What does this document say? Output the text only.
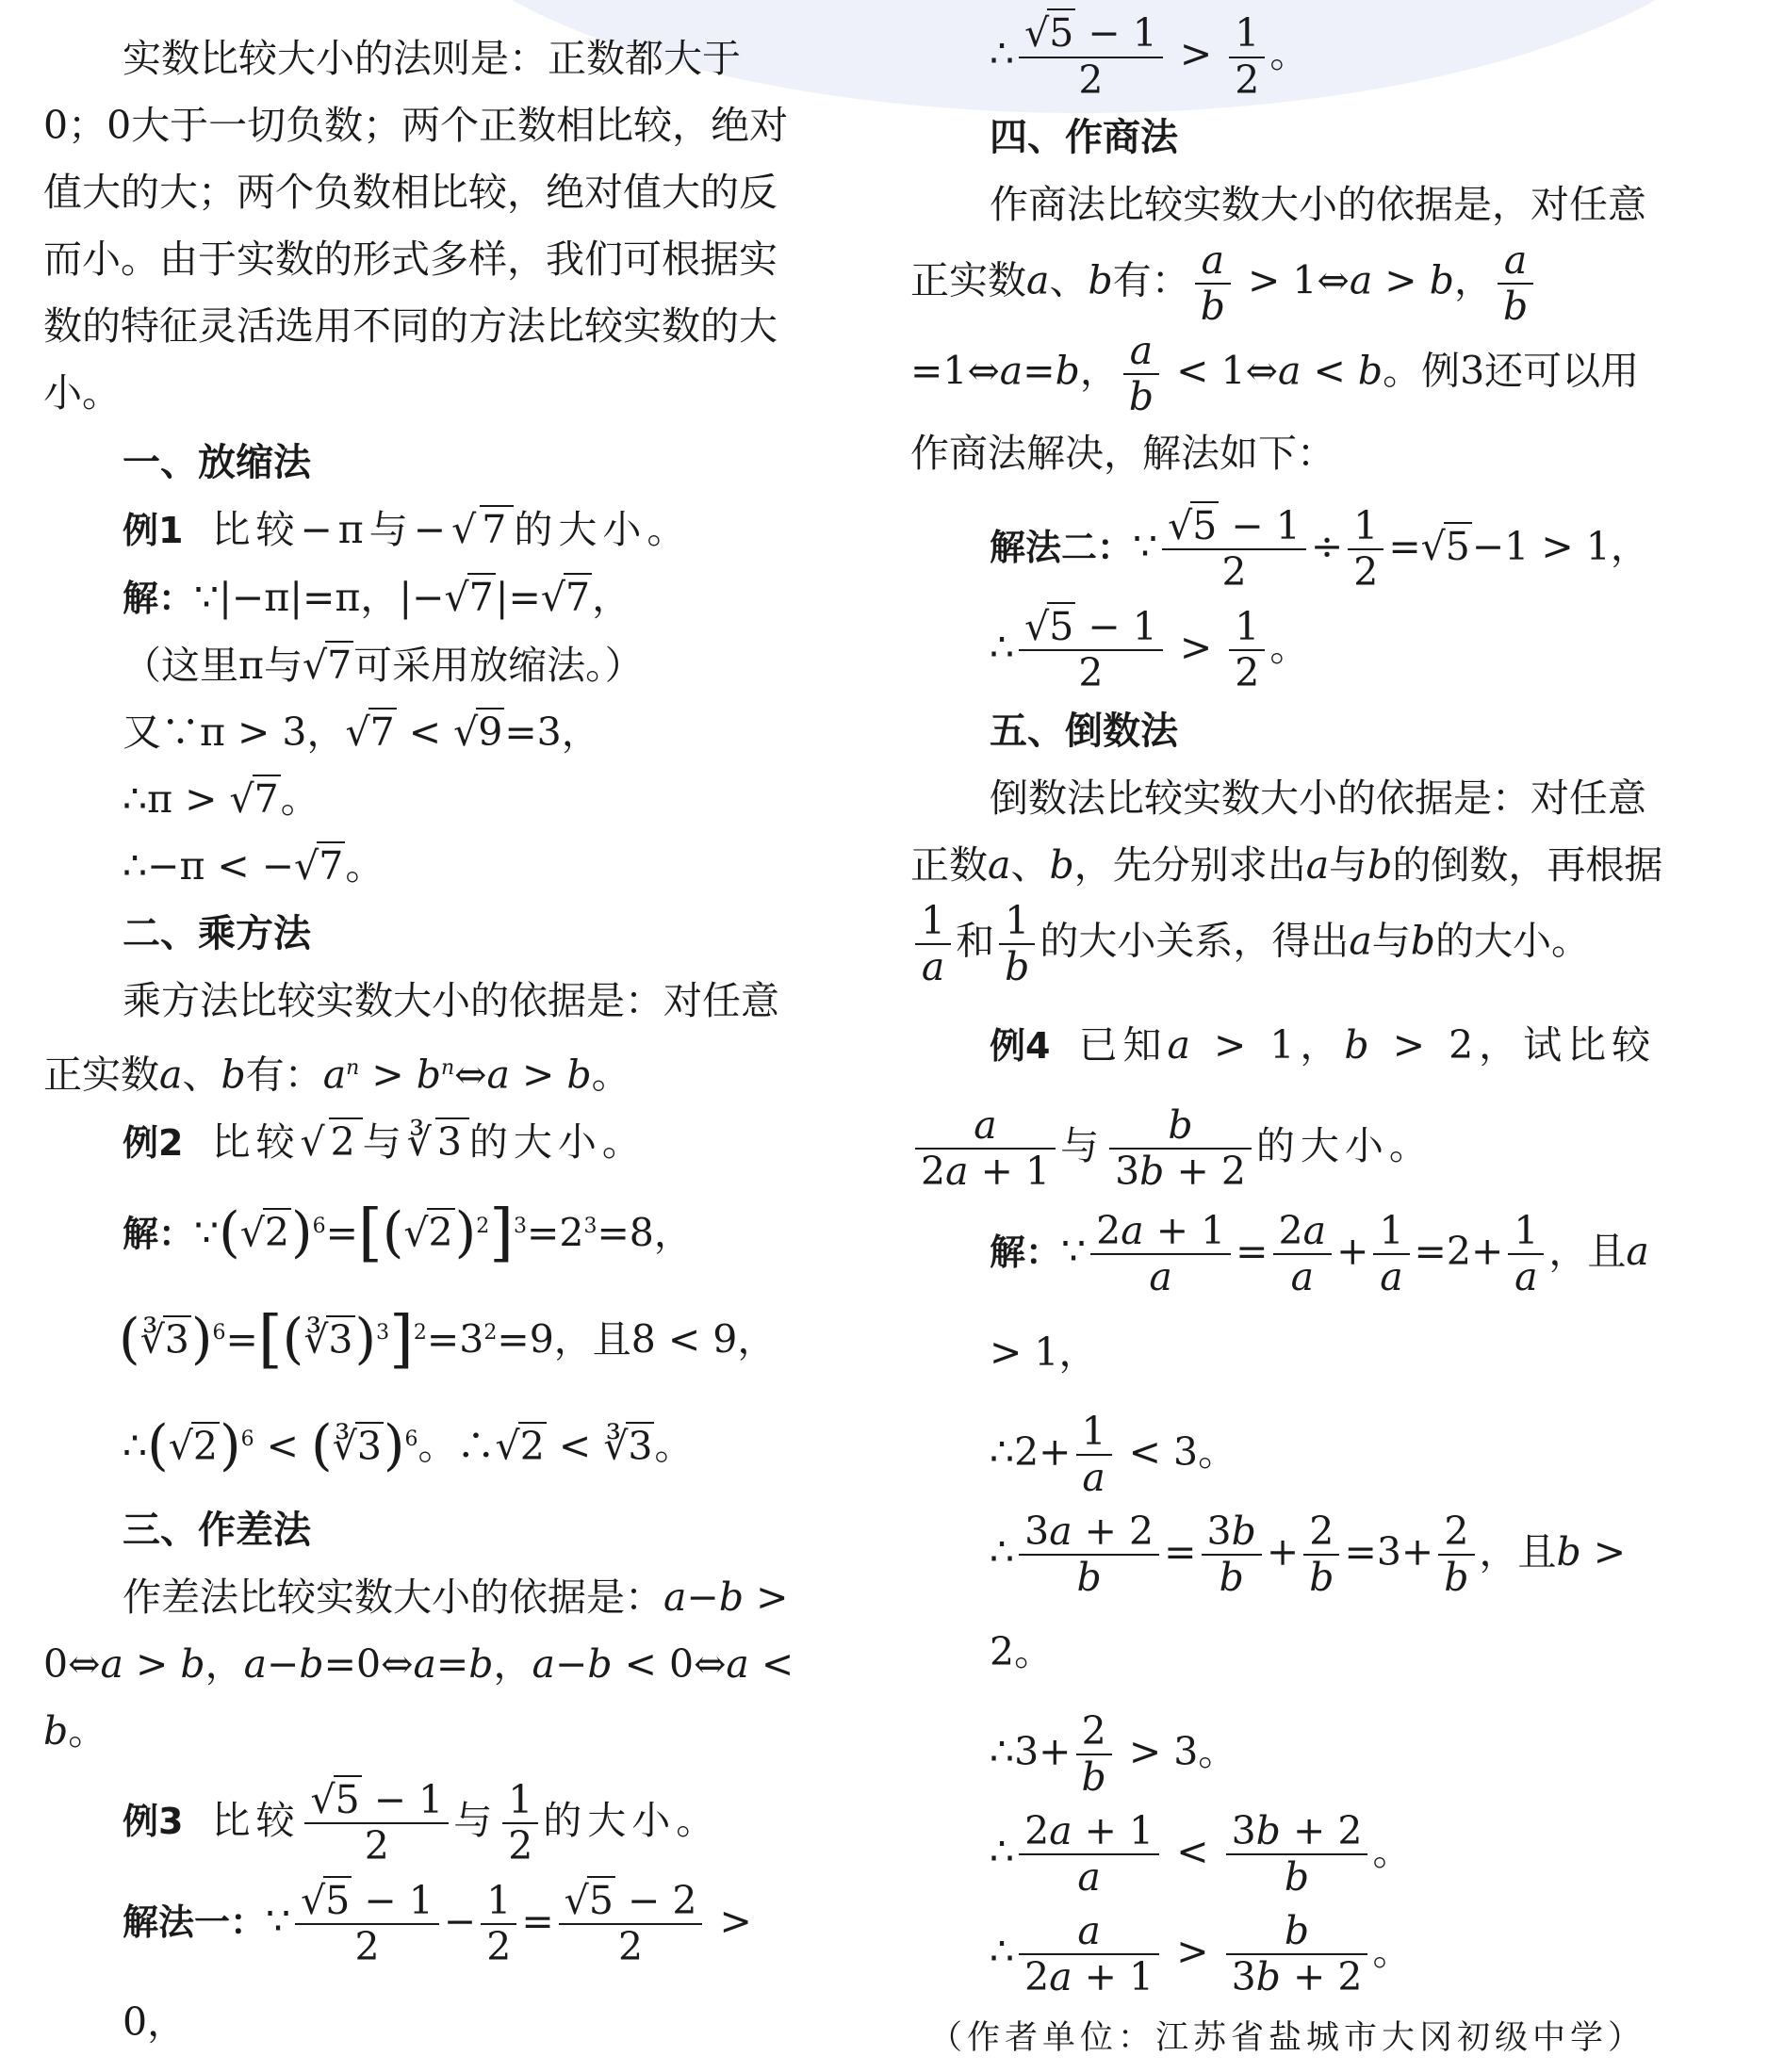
实数比较大小的法则是：正数都大于0；0大于一切负数；两个正数相比较，绝对值大的大；两个负数相比较，绝对值大的反而小。由于实数的形式多样，我们可根据实数的特征灵活选用不同的方法比较实数的大小。

一、放缩法

例1 比较−π与−√7的大小。

解：∵|−π|=π，|−√7|=√7，

（这里π与√7可采用放缩法。）

又∵π > 3，√7 < √9=3，

∴π > √7。

∴−π < −√7。

二、乘方法

乘方法比较实数大小的依据是：对任意正实数a、b有：$a^n$ > $b^n\Leftrightarrow a > b$。

例2 比较√2与∛3的大小。

解：$\because(√2)^6=[(√2)^2]^3=2^3=8$，

$(∛3)^6=[(∛3)^3]^2=3^2=9$，且8 < 9，

$\therefore(√2)^6$ < (∛3)$^6$。∴√2 < ∛3。

三、作差法

作差法比较实数大小的依据是：a−b > 0⇔a > b，a−b=0⇔a=b，a−b < 0⇔a < b。

例3 比较 $\frac{√5 - 1}{2}$ 与 $\frac{1}{2}$ 的大小。

解法一：∵ $\frac{√5 - 1}{2} - \frac{1}{2} = \frac{√5 - 2}{2} > 0$，

∴ $\frac{√5 - 1}{2} > \frac{1}{2}$ 。

四、作商法

作商法比较实数大小的依据是，对任意正实数a、b有： $\frac{a}{b}$ > 1⇔a > b， $\frac{a}{b}$
=1⇔a=b， $\frac{a}{b}$ < 1⇔a < b。例3还可以用作商法解决，解法如下：

解法二：∵ $\frac{√5 - 1}{2} \div \frac{1}{2} =√5-1 > 1$，

∴ $\frac{√5 - 1}{2} > \frac{1}{2}$ 。

五、倒数法

倒数法比较实数大小的依据是：对任意正数a、b，先分别求出a与b的倒数，再根据
$\frac{1}{a}$ 和 $\frac{1}{b}$ 的大小关系，得出a与b的大小。

例4 已知a > 1，b > 2，试比较
$\frac{a}{2a + 1}$ 与 $\frac{b}{3b + 2}$ 的大小。

解：∵ $\frac{2a + 1}{a} = \frac{2a}{a} + \frac{1}{a} =2+ \frac{1}{a}$ ，且a > 1，

∴2+ $\frac{1}{a} < 3$。

∴ $\frac{3a + 2}{b} = \frac{3b}{b} + \frac{2}{b} =3+ \frac{2}{b}$ ，且b > 2。

∴3+ $\frac{2}{b} > 3$。

∴ $\frac{2a + 1}{a} < \frac{3b + 2}{b}$ 。

∴ $\frac{a}{2a + 1} > \frac{b}{3b + 2}$ 。

（作者单位：江苏省盐城市大冈初级中学）
